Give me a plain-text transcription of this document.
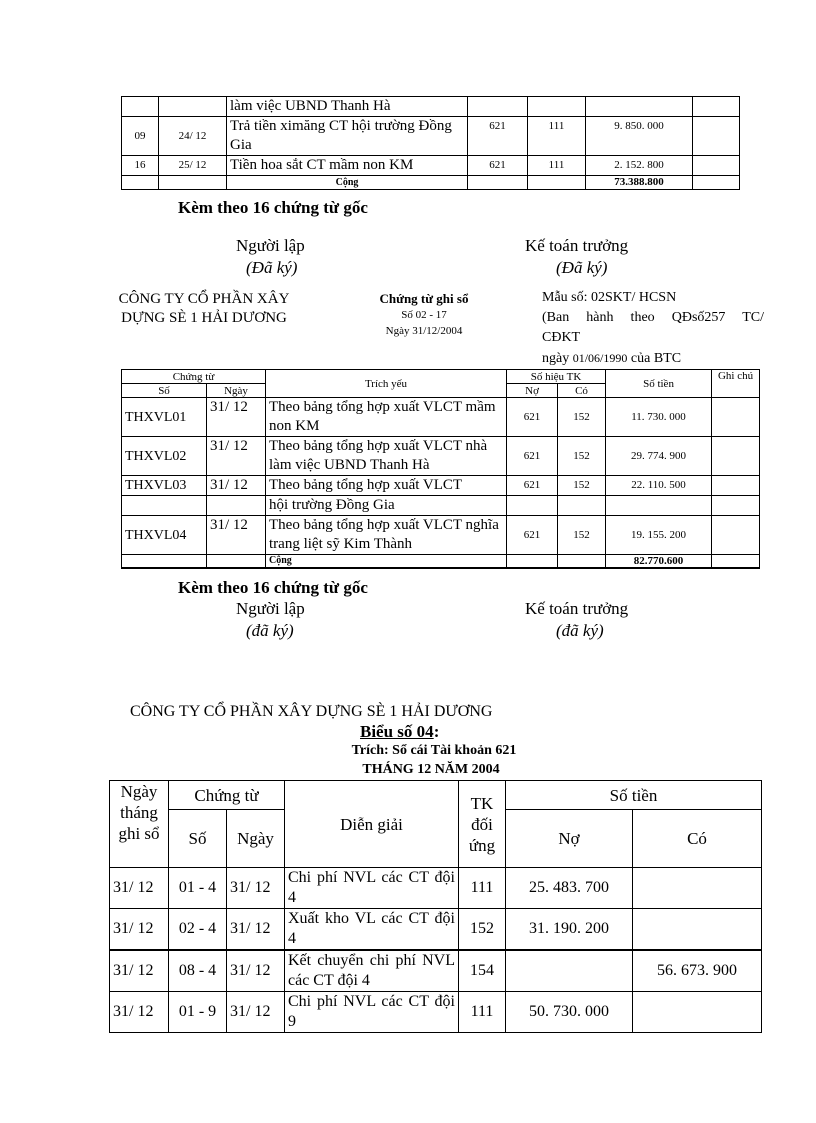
		làm việc UBND Thanh Hà				
09	24/ 12	Trả tiền ximăng CT hội trường Đồng Gia	621	111	9. 850. 000	
16	25/ 12	Tiền hoa sắt CT mầm non KM	621	111	2. 152. 800	
		Cộng			73.388.800	
Kèm theo 16 chứng từ gốc
Người lập
(Đã ký)
Kế toán trưởng
(Đã ký)
CÔNG TY CỔ PHẦN XÂY
DỰNG SÈ 1 HẢI DƯƠNG
Chứng từ ghi sổ
Số 02 - 17
Ngày 31/12/2004
Mẫu số: 02SKT/ HCSN
(Ban hành theo QĐsố257 TC/
CĐKT
ngày 01/06/1990 của BTC
Chứng từ		Trích yếu	Số hiệu TK		Số tiền	Ghi chú
Số	Ngày		Nợ	Có		
THXVL01	31/ 12	Theo bảng tổng hợp xuất VLCT mầm non KM	621	152	11. 730. 000	
THXVL02	31/ 12	Theo bảng tổng hợp xuất VLCT nhà làm việc UBND Thanh Hà	621	152	29. 774. 900	
THXVL03	31/ 12	Theo bảng tổng hợp xuất VLCT	621	152	22. 110. 500	
		hội trường Đồng Gia				
THXVL04	31/ 12	Theo bảng tổng hợp xuất VLCT nghĩa trang liệt sỹ Kim Thành	621	152	19. 155. 200	
		Cộng			82.770.600	
Kèm theo 16 chứng từ gốc
Người lập
(đã ký)
Kế toán trưởng
(đã ký)
CÔNG TY CỔ PHẦN XÂY DỰNG SÈ 1 HẢI DƯƠNG
Biểu số 04:
Trích: Sổ cái Tài khoản 621
THÁNG 12 NĂM 2004
Ngày tháng ghi sổ	Chứng từ		Diễn giải	TK đối ứng	Số tiền	
	Số	Ngày			Nợ	Có
31/ 12	01 - 4	31/ 12	Chi phí NVL các CT đội 4	111	25. 483. 700	
31/ 12	02 - 4	31/ 12	Xuất kho VL các CT đội 4	152	31. 190. 200	
31/ 12	08 - 4	31/ 12	Kết chuyển chi phí NVL các CT đội 4	154		56. 673. 900
31/ 12	01 - 9	31/ 12	Chi phí NVL các CT đội 9	111	50. 730. 000	
